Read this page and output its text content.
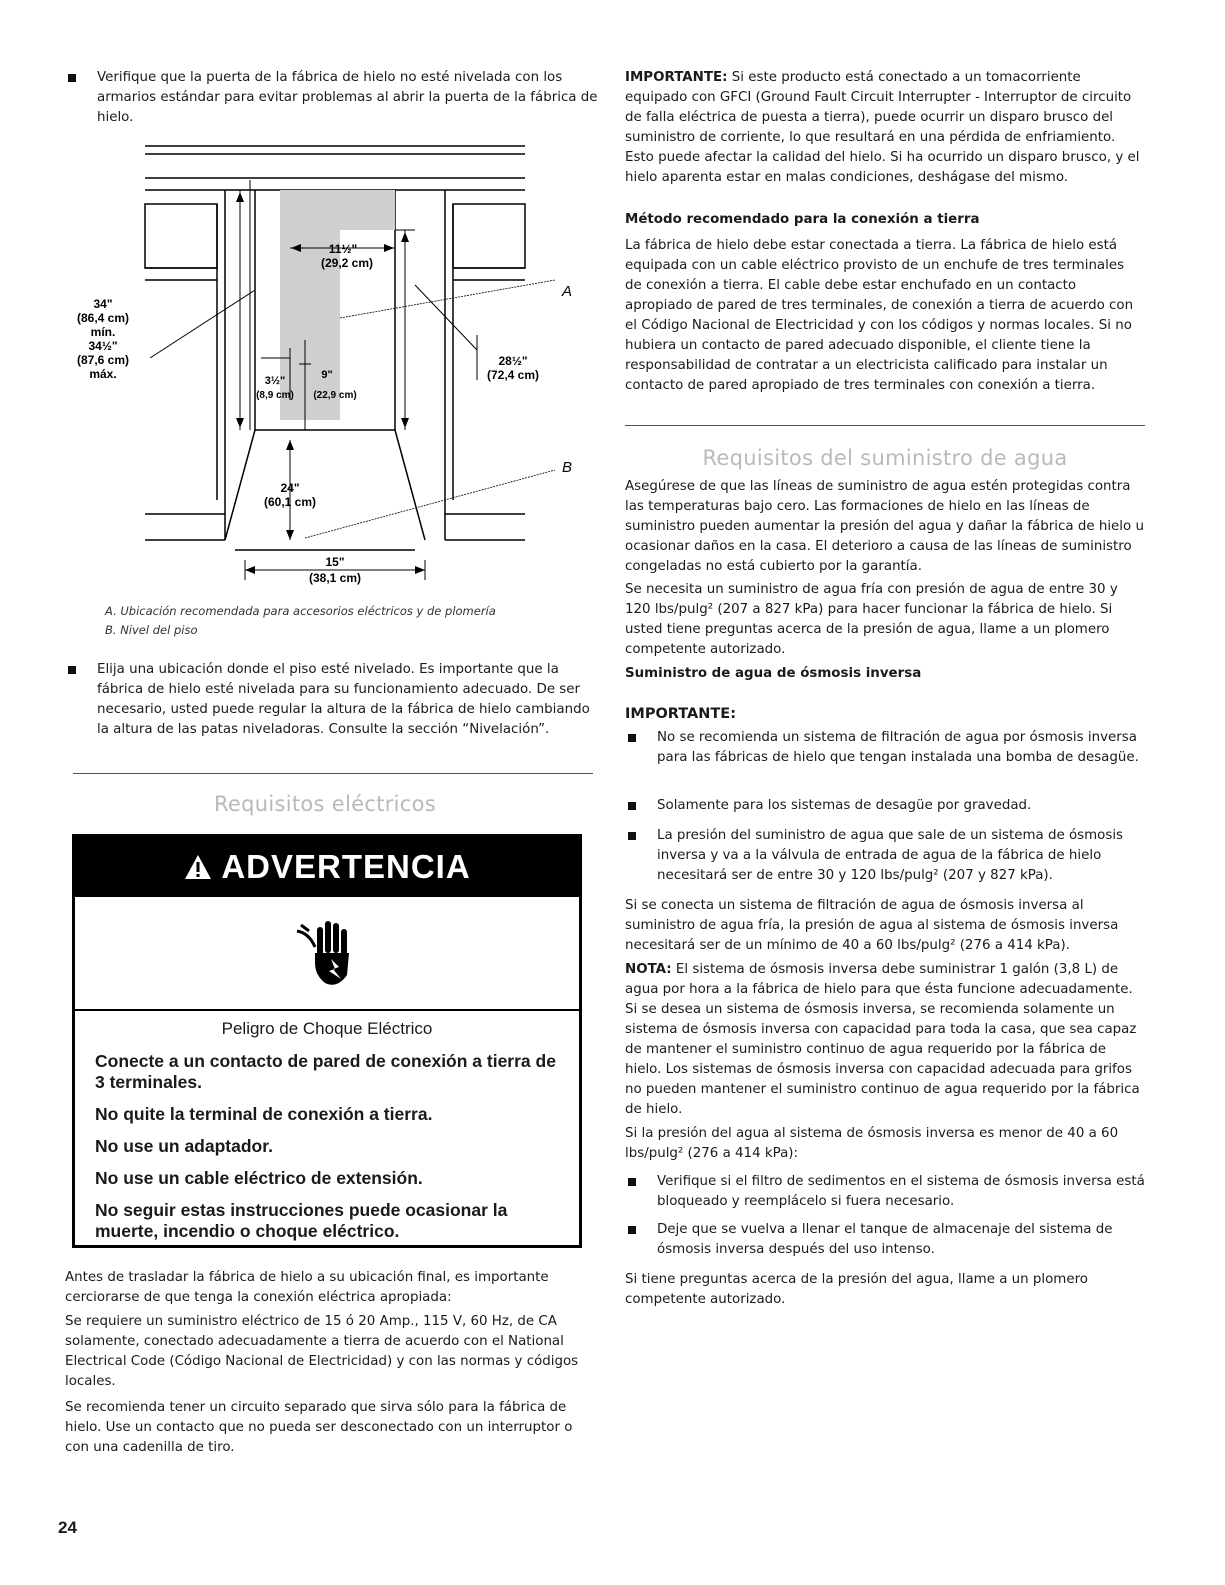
Verifique que la puerta de la fábrica de hielo no esté nivelada con los armarios estándar para evitar problemas al abrir la puerta de la fábrica de hielo.

34"
(86,4 cm)
mín.
34½"
(87,6 cm)
máx.
11½"
(29,2 cm)
3½"
(8,9 cm)
9"
(22,9 cm)
28½"
(72,4 cm)
24"
(60,1 cm)
15"
(38,1 cm)
A
B

A. Ubicación recomendada para accesorios eléctricos y de plomería

B. Nivel del piso

Elija una ubicación donde el piso esté nivelado. Es importante que la fábrica de hielo esté nivelada para su funcionamiento adecuado. De ser necesario, usted puede regular la altura de la fábrica de hielo cambiando la altura de las patas niveladoras. Consulte la sección “Nivelación”.

Requisitos eléctricos
ADVERTENCIA
Peligro de Choque Eléctrico
Conecte a un contacto de pared de conexión a tierra de 3 terminales.
No quite la terminal de conexión a tierra.
No use un adaptador.
No use un cable eléctrico de extensión.
No seguir estas instrucciones puede ocasionar la muerte, incendio o choque eléctrico.

Antes de trasladar la fábrica de hielo a su ubicación final, es importante cerciorarse de que tenga la conexión eléctrica apropiada:

Se requiere un suministro eléctrico de 15 ó 20 Amp., 115 V, 60 Hz, de CA solamente, conectado adecuadamente a tierra de acuerdo con el National Electrical Code (Código Nacional de Electricidad) y con las normas y códigos locales.

Se recomienda tener un circuito separado que sirva sólo para la fábrica de hielo. Use un contacto que no pueda ser desconectado con un interruptor o con una cadenilla de tiro.

IMPORTANTE: Si este producto está conectado a un tomacorriente equipado con GFCI (Ground Fault Circuit Interrupter - Interruptor de circuito de falla eléctrica de puesta a tierra), puede ocurrir un disparo brusco del suministro de corriente, lo que resultará en una pérdida de enfriamiento. Esto puede afectar la calidad del hielo. Si ha ocurrido un disparo brusco, y el hielo aparenta estar en malas condiciones, deshágase del mismo.

Método recomendado para la conexión a tierra

La fábrica de hielo debe estar conectada a tierra. La fábrica de hielo está equipada con un cable eléctrico provisto de un enchufe de tres terminales de conexión a tierra. El cable debe estar enchufado en un contacto apropiado de pared de tres terminales, de conexión a tierra de acuerdo con el Código Nacional de Electricidad y con los códigos y normas locales. Si no hubiera un contacto de pared adecuado disponible, el cliente tiene la responsabilidad de contratar a un electricista calificado para instalar un contacto de pared apropiado de tres terminales con conexión a tierra.

Requisitos del suministro de agua

Asegúrese de que las líneas de suministro de agua estén protegidas contra las temperaturas bajo cero. Las formaciones de hielo en las líneas de suministro pueden aumentar la presión del agua y dañar la fábrica de hielo u ocasionar daños en la casa. El deterioro a causa de las líneas de suministro congeladas no está cubierto por la garantía.

Se necesita un suministro de agua fría con presión de agua de entre 30 y 120 lbs/pulg² (207 a 827 kPa) para hacer funcionar la fábrica de hielo. Si usted tiene preguntas acerca de la presión de agua, llame a un plomero competente autorizado.

Suministro de agua de ósmosis inversa
IMPORTANTE:

No se recomienda un sistema de filtración de agua por ósmosis inversa para las fábricas de hielo que tengan instalada una bomba de desagüe.

Solamente para los sistemas de desagüe por gravedad.

La presión del suministro de agua que sale de un sistema de ósmosis inversa y va a la válvula de entrada de agua de la fábrica de hielo necesitará ser de entre 30 y 120 lbs/pulg² (207 y 827 kPa).

Si se conecta un sistema de filtración de agua de ósmosis inversa al suministro de agua fría, la presión de agua al sistema de ósmosis inversa necesitará ser de un mínimo de 40 a 60 lbs/pulg² (276 a 414 kPa).

NOTA: El sistema de ósmosis inversa debe suministrar 1 galón (3,8 L) de agua por hora a la fábrica de hielo para que ésta funcione adecuadamente. Si se desea un sistema de ósmosis inversa, se recomienda solamente un sistema de ósmosis inversa con capacidad para toda la casa, que sea capaz de mantener el suministro continuo de agua requerido por la fábrica de hielo. Los sistemas de ósmosis inversa con capacidad adecuada para grifos no pueden mantener el suministro continuo de agua requerido por la fábrica de hielo.

Si la presión del agua al sistema de ósmosis inversa es menor de 40 a 60 lbs/pulg² (276 a 414 kPa):

Verifique si el filtro de sedimentos en el sistema de ósmosis inversa está bloqueado y reemplácelo si fuera necesario.

Deje que se vuelva a llenar el tanque de almacenaje del sistema de ósmosis inversa después del uso intenso.

Si tiene preguntas acerca de la presión del agua, llame a un plomero competente autorizado.

24
